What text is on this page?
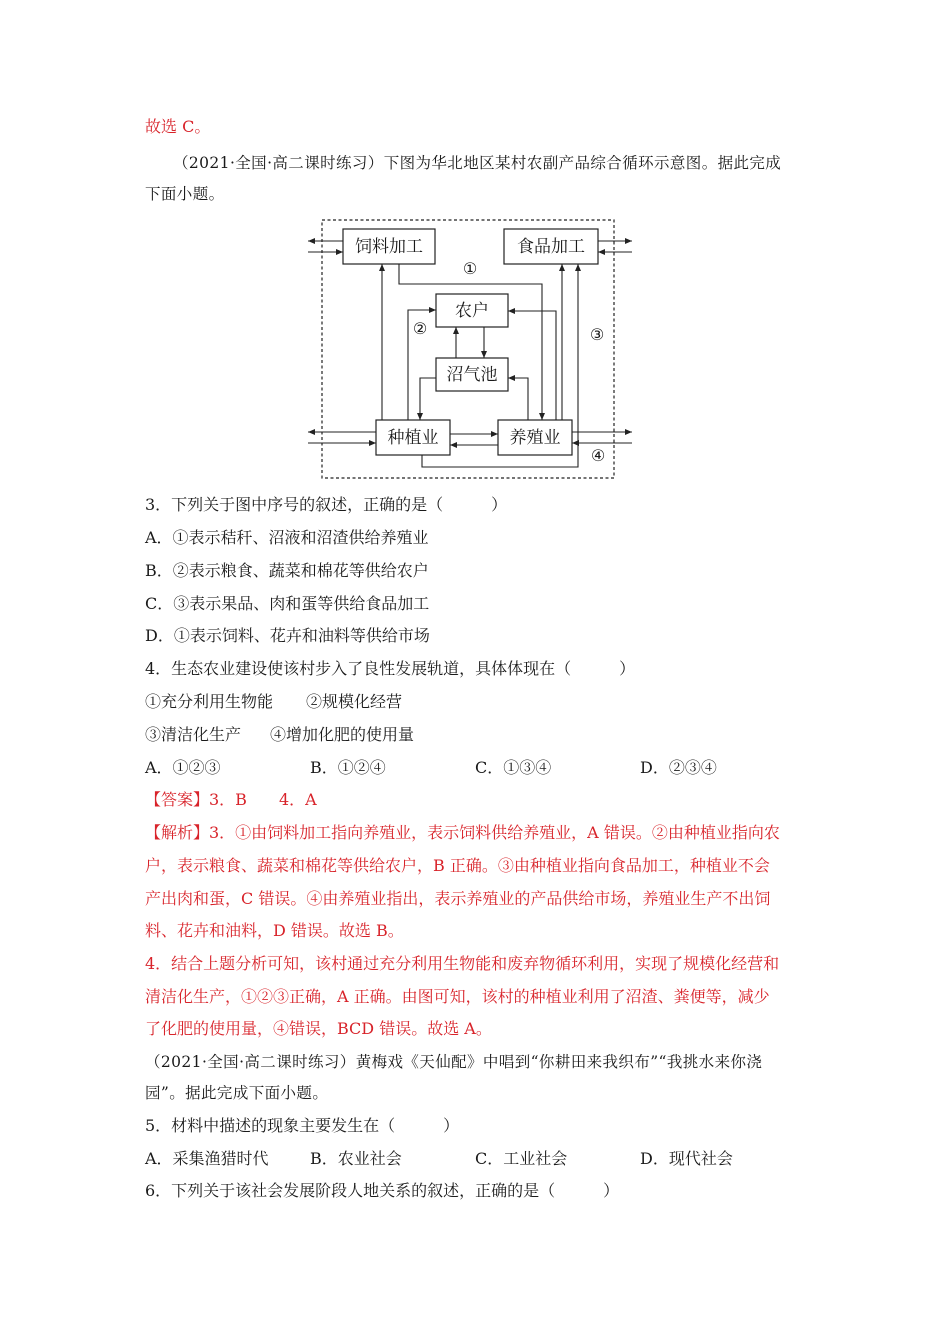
故选 C。
（2021·全国·高二课时练习）下图为华北地区某村农副产品综合循环示意图。据此完成
下面小题。
饲料加工	食品加工
农户
沼气池
种植业	养殖业
①
②	③
④
3．下列关于图中序号的叙述，正确的是（　　　）
A．①表示秸秆、沼液和沼渣供给养殖业
B．②表示粮食、蔬菜和棉花等供给农户
C．③表示果品、肉和蛋等供给食品加工
D．①表示饲料、花卉和油料等供给市场
4．生态农业建设使该村步入了良性发展轨道，具体体现在（　　　）
①充分利用生物能 ②规模化经营
③清洁化生产 ④增加化肥的使用量
A．①②③	B．①②④	C．①③④	D．②③④
【答案】3．B　　4．A
【解析】3．①由饲料加工指向养殖业，表示饲料供给养殖业，A 错误。②由种植业指向农
户，表示粮食、蔬菜和棉花等供给农户，B 正确。③由种植业指向食品加工，种植业不会
产出肉和蛋，C 错误。④由养殖业指出，表示养殖业的产品供给市场，养殖业生产不出饲
料、花卉和油料，D 错误。故选 B。
4．结合上题分析可知，该村通过充分利用生物能和废弃物循环利用，实现了规模化经营和
清洁化生产，①②③正确，A 正确。由图可知，该村的种植业利用了沼渣、粪便等，减少
了化肥的使用量，④错误，BCD 错误。故选 A。
（2021·全国·高二课时练习）黄梅戏《天仙配》中唱到“你耕田来我织布”“我挑水来你浇
园”。据此完成下面小题。
5．材料中描述的现象主要发生在（　　　）
A．采集渔猎时代	B．农业社会	C．工业社会	D．现代社会
6．下列关于该社会发展阶段人地关系的叙述，正确的是（　　　）
